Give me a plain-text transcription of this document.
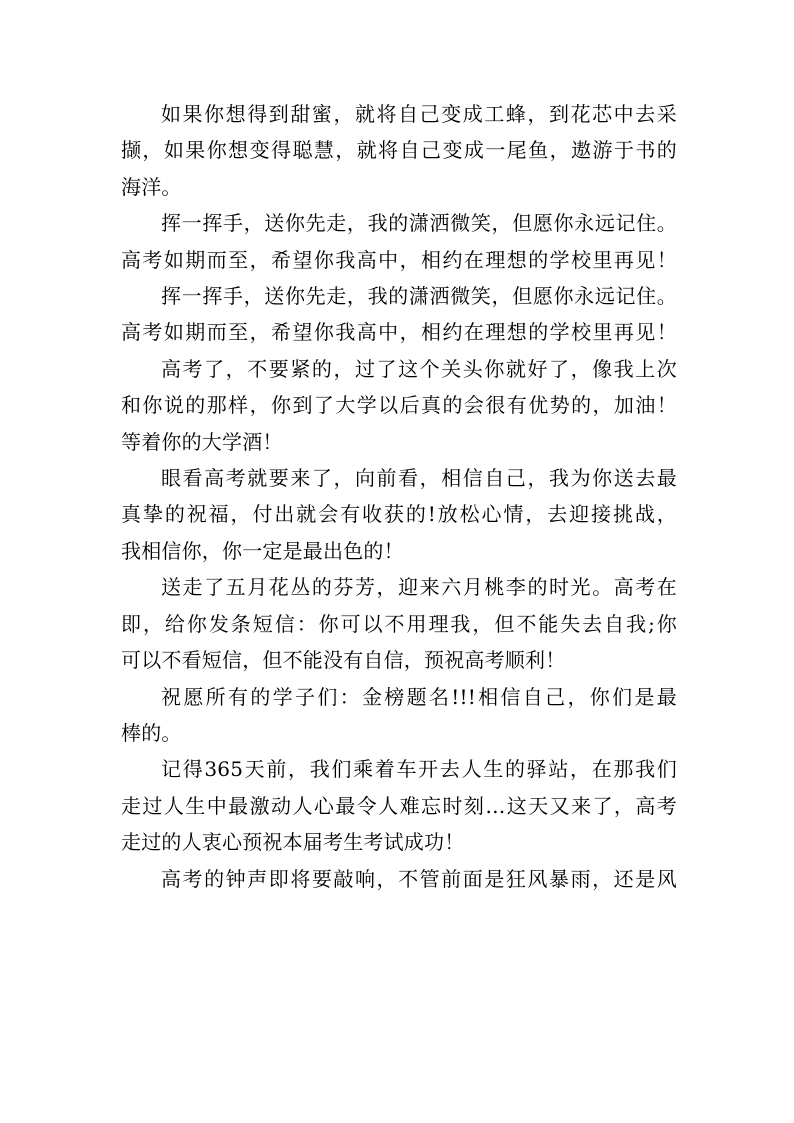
如果你想得到甜蜜，就将自己变成工蜂，到花芯中去采
撷，如果你想变得聪慧，就将自己变成一尾鱼，遨游于书的
海洋。
挥一挥手，送你先走，我的潇洒微笑，但愿你永远记住。
高考如期而至，希望你我高中，相约在理想的学校里再见！
挥一挥手，送你先走，我的潇洒微笑，但愿你永远记住。
高考如期而至，希望你我高中，相约在理想的学校里再见！
高考了，不要紧的，过了这个关头你就好了，像我上次
和你说的那样，你到了大学以后真的会很有优势的，加油！
等着你的大学酒！
眼看高考就要来了，向前看，相信自己，我为你送去最
真挚的祝福，付出就会有收获的!放松心情，去迎接挑战，
我相信你，你一定是最出色的！
送走了五月花丛的芬芳，迎来六月桃李的时光。高考在
即，给你发条短信：你可以不用理我，但不能失去自我;你
可以不看短信，但不能没有自信，预祝高考顺利！
祝愿所有的学子们：金榜题名!!!相信自己，你们是最
棒的。
记得365天前，我们乘着车开去人生的驿站，在那我们
走过人生中最激动人心最令人难忘时刻…这天又来了，高考
走过的人衷心预祝本届考生考试成功！
高考的钟声即将要敲响，不管前面是狂风暴雨，还是风
